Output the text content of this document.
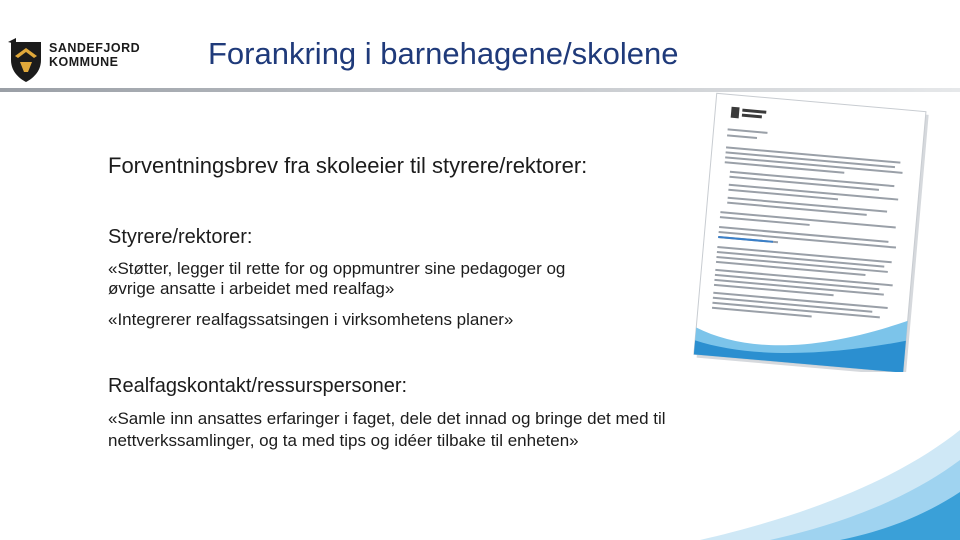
SANDEFJORD
KOMMUNE	Forankring i barnehagene/skolene
Forventningsbrev fra skoleeier til styrere/rektorer:
Styrere/rektorer:
«Støtter, legger til rette for og oppmuntrer sine pedagoger og
øvrige ansatte i arbeidet med realfag»
«Integrerer realfagssatsingen i virksomhetens planer»
Realfagskontakt/ressurspersoner:
«Samle inn ansattes erfaringer i faget, dele det innad og bringe det med til
nettverkssamlinger, og ta med tips og idéer tilbake til enheten»
